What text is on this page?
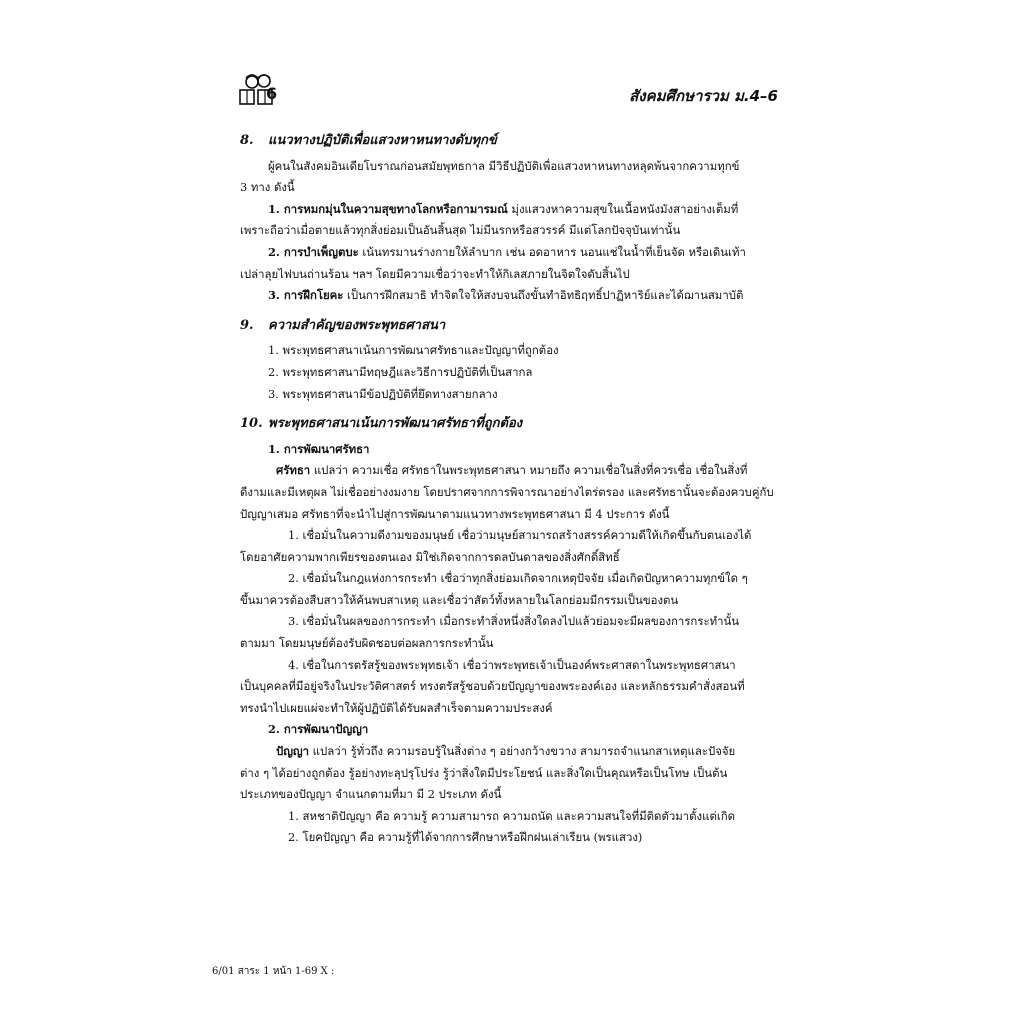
6	สังคมศึกษารวม ม.4–6
8.	แนวทางปฏิบัติเพื่อแสวงหาหนทางดับทุกข์

ผู้คนในสังคมอินเดียโบราณก่อนสมัยพุทธกาล มีวิธีปฏิบัติเพื่อแสวงหาหนทางหลุดพ้นจากความทุกข์

3 ทาง ดังนี้

1. การหมกมุ่นในความสุขทางโลกหรือกามารมณ์ มุ่งแสวงหาความสุขในเนื้อหนังมังสาอย่างเต็มที่

เพราะถือว่าเมื่อตายแล้วทุกสิ่งย่อมเป็นอันสิ้นสุด ไม่มีนรกหรือสวรรค์ มีแต่โลกปัจจุบันเท่านั้น

2. การบำเพ็ญตบะ เน้นทรมานร่างกายให้ลำบาก เช่น อดอาหาร นอนแช่ในน้ำที่เย็นจัด หรือเดินเท้า

เปล่าลุยไฟบนถ่านร้อน ฯลฯ โดยมีความเชื่อว่าจะทำให้กิเลสภายในจิตใจดับสิ้นไป

3. การฝึกโยคะ เป็นการฝึกสมาธิ ทำจิตใจให้สงบจนถึงขั้นทำอิทธิฤทธิ์ปาฏิหาริย์และได้ฌานสมาบัติ

9.	ความสำคัญของพระพุทธศาสนา

1. พระพุทธศาสนาเน้นการพัฒนาศรัทธาและปัญญาที่ถูกต้อง

2. พระพุทธศาสนามีทฤษฎีและวิธีการปฏิบัติที่เป็นสากล

3. พระพุทธศาสนามีข้อปฏิบัติที่ยึดทางสายกลาง

10. พระพุทธศาสนาเน้นการพัฒนาศรัทธาที่ถูกต้อง

1. การพัฒนาศรัทธา

ศรัทธา แปลว่า ความเชื่อ ศรัทธาในพระพุทธศาสนา หมายถึง ความเชื่อในสิ่งที่ควรเชื่อ เชื่อในสิ่งที่

ดีงามและมีเหตุผล ไม่เชื่ออย่างงมงาย โดยปราศจากการพิจารณาอย่างไตร่ตรอง และศรัทธานั้นจะต้องควบคู่กับ

ปัญญาเสมอ ศรัทธาที่จะนำไปสู่การพัฒนาตามแนวทางพระพุทธศาสนา มี 4 ประการ ดังนี้

1. เชื่อมั่นในความดีงามของมนุษย์ เชื่อว่ามนุษย์สามารถสร้างสรรค์ความดีให้เกิดขึ้นกับตนเองได้

โดยอาศัยความพากเพียรของตนเอง มิใช่เกิดจากการดลบันดาลของสิ่งศักดิ์สิทธิ์

2. เชื่อมั่นในกฎแห่งการกระทำ เชื่อว่าทุกสิ่งย่อมเกิดจากเหตุปัจจัย เมื่อเกิดปัญหาความทุกข์ใด ๆ

ขึ้นมาควรต้องสืบสาวให้ค้นพบสาเหตุ และเชื่อว่าสัตว์ทั้งหลายในโลกย่อมมีกรรมเป็นของตน

3. เชื่อมั่นในผลของการกระทำ เมื่อกระทำสิ่งหนึ่งสิ่งใดลงไปแล้วย่อมจะมีผลของการกระทำนั้น

ตามมา โดยมนุษย์ต้องรับผิดชอบต่อผลการกระทำนั้น

4. เชื่อในการตรัสรู้ของพระพุทธเจ้า เชื่อว่าพระพุทธเจ้าเป็นองค์พระศาสดาในพระพุทธศาสนา

เป็นบุคคลที่มีอยู่จริงในประวัติศาสตร์ ทรงตรัสรู้ชอบด้วยปัญญาของพระองค์เอง และหลักธรรมคำสั่งสอนที่

ทรงนำไปเผยแผ่จะทำให้ผู้ปฏิบัติได้รับผลสำเร็จตามความประสงค์

2. การพัฒนาปัญญา

ปัญญา แปลว่า รู้ทั่วถึง ความรอบรู้ในสิ่งต่าง ๆ อย่างกว้างขวาง สามารถจำแนกสาเหตุและปัจจัย

ต่าง ๆ ได้อย่างถูกต้อง รู้อย่างทะลุปรุโปร่ง รู้ว่าสิ่งใดมีประโยชน์ และสิ่งใดเป็นคุณหรือเป็นโทษ เป็นต้น

ประเภทของปัญญา จำแนกตามที่มา มี 2 ประเภท ดังนี้

1. สหชาติปัญญา คือ ความรู้ ความสามารถ ความถนัด และความสนใจที่มีติดตัวมาตั้งแต่เกิด

2. โยคปัญญา คือ ความรู้ที่ได้จากการศึกษาหรือฝึกฝนเล่าเรียน (พรแสวง)

6/01 สาระ 1 หน้า 1-69 X :
